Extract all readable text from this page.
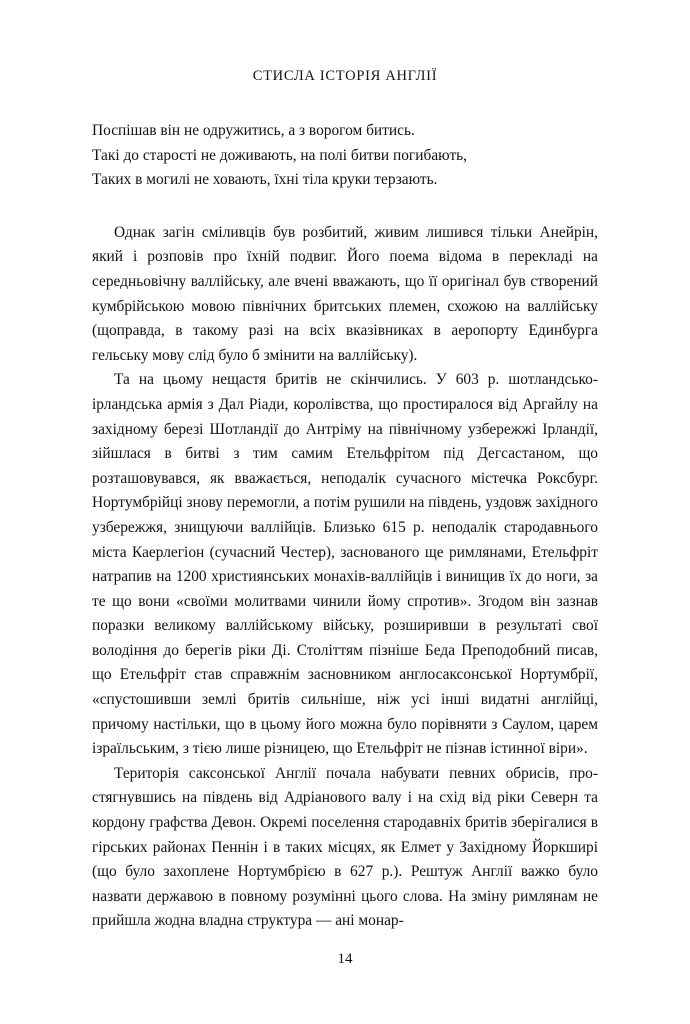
СТИСЛА ІСТОРІЯ АНГЛІЇ
Поспішав він не одружитись, а з ворогом битись.
Такі до старості не доживають, на полі битви погибають,
Таких в могилі не ховають, їхні тіла круки терзають.

Однак загін сміливців був розбитий, живим лишився тільки Анейрін, який і розповів про їхній подвиг. Його поема відома в перекладі на середньовічну валлійську, але вчені вважають, що її оригінал був створений кумбрійською мовою північних бритських племен, схожою на валлійську (щоправда, в такому разі на всіх вказівниках в аеропорту Единбурга гельську мову слід було б змінити на валлійську).

Та на цьому нещастя бритів не скінчились. У 603 р. шотландсько-ірландська армія з Дал Ріади, королівства, що простиралося від Аргайлу на західному березі Шотландії до Антріму на північному узбережжі Ірландії, зійшлася в битві з тим самим Етельфрітом під Дегсастаном, що розташовувався, як вважається, неподалік сучасного містечка Роксбург. Нортумбрійці знову перемогли, а потім рушили на південь, уздовж західного узбережжя, знищуючи валлійців. Близько 615 р. неподалік стародавнього міста Каерлегіон (сучасний Честер), заснованого ще римлянами, Етельфріт натрапив на 1200 християнських монахів-валлійців і винищив їх до ноги, за те що вони «своїми молитвами чинили йому спротив». Згодом він зазнав поразки великому валлійському війську, розширивши в результаті свої володіння до берегів ріки Ді. Століттям пізніше Беда Преподобний писав, що Етельфріт став справжнім засновником англосаксонської Нортумбрії, «спустошивши землі бритів сильніше, ніж усі інші видатні англійці, причому настільки, що в цьому його можна було порівняти з Саулом, царем ізраїльським, з тією лише різницею, що Етельфріт не пізнав істинної віри».

Територія саксонської Англії почала набувати певних обрисів, простягнувшись на південь від Адріанового валу і на схід від ріки Северн та кордону графства Девон. Окремі поселення стародавніх бритів зберігалися в гірських районах Пеннін і в таких місцях, як Елмет у Західному Йоркширі (що було захоплене Нортумбрією в 627 р.). Рештуж Англії важко було назвати державою в повному розумінні цього слова. На зміну римлянам не прийшла жодна владна структура — ані монар-

14
